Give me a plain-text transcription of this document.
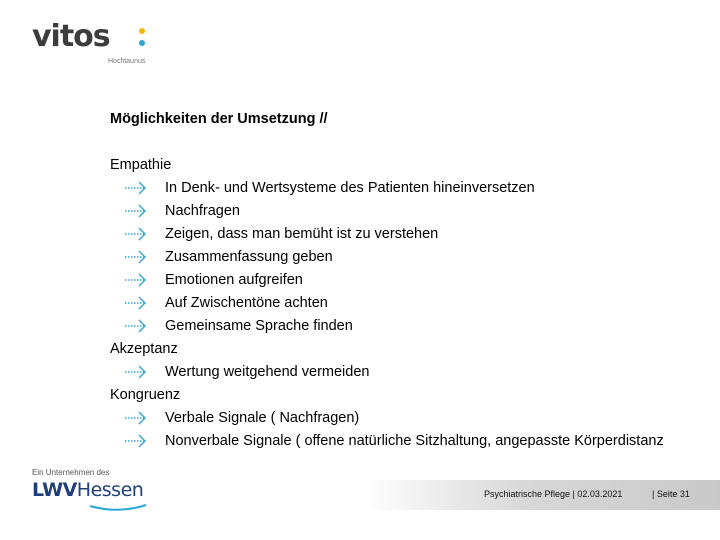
vitos
Hochtaunus
Möglichkeiten der Umsetzung //
Empathie
In Denk- und Wertsysteme des Patienten hineinversetzen
Nachfragen
Zeigen, dass man bemüht ist zu verstehen
Zusammenfassung geben
Emotionen aufgreifen
Auf Zwischentöne achten
Gemeinsame Sprache finden
Akzeptanz
Wertung weitgehend vermeiden
Kongruenz
Verbale Signale ( Nachfragen)
Nonverbale Signale ( offene natürliche Sitzhaltung, angepasste Körperdistanz
Ein Unternehmen des
LWVHessen	Psychiatrische Pflege | 02.03.2021	| Seite 31
